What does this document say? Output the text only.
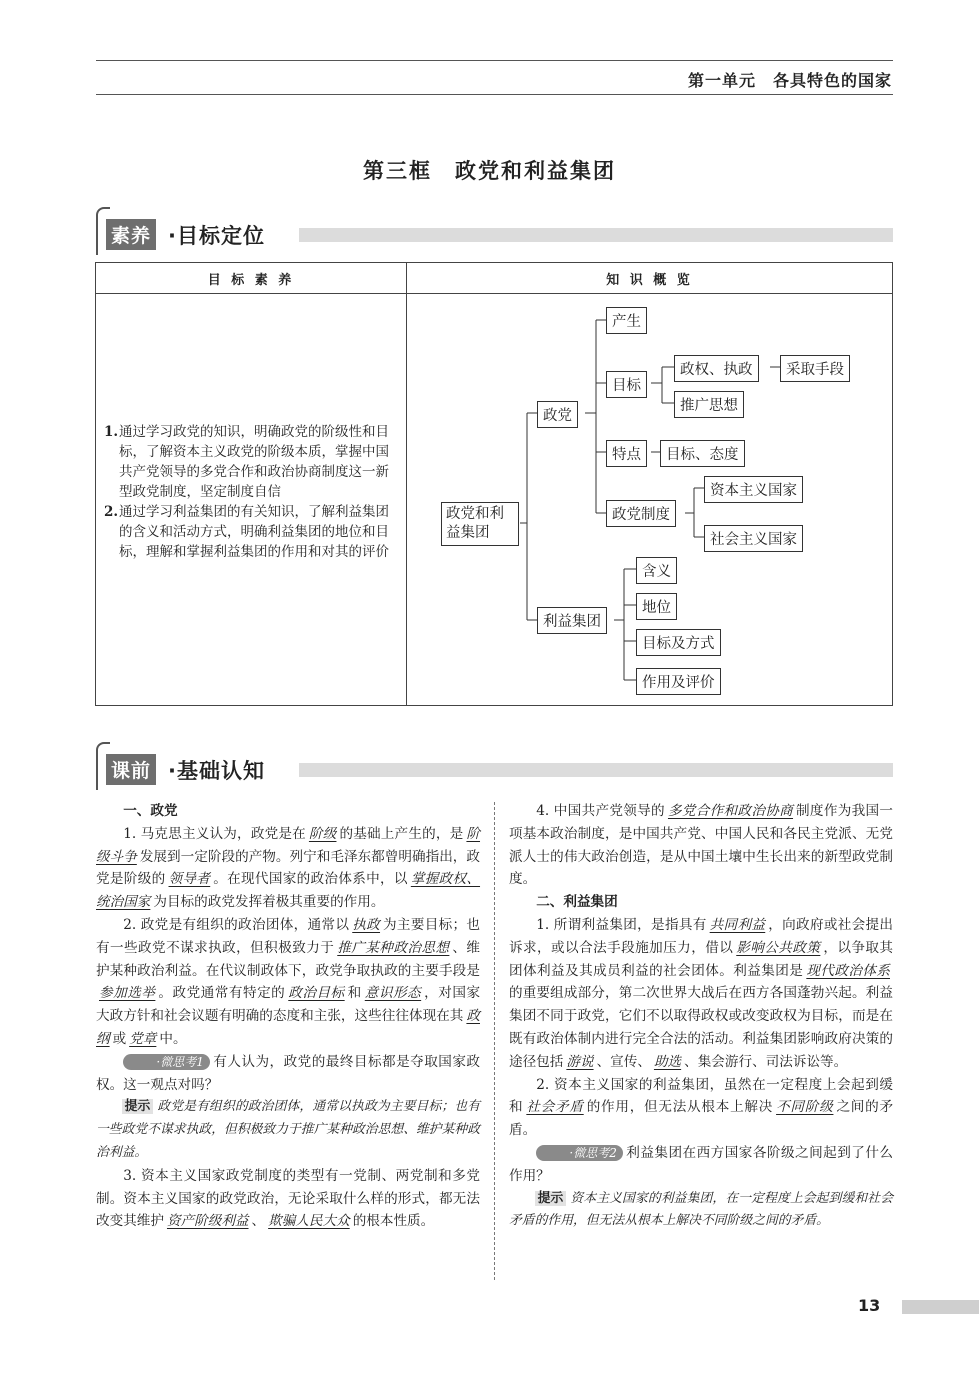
第一单元　各具特色的国家
第三框　政党和利益集团
素养 ·目标定位
目 标 素 养	知 识 概 览

1. 通过学习政党的知识，明确政党的阶级性和目标，了解资本主义政党的阶级本质，掌握中国共产党领导的多党合作和政治协商制度这一新型政党制度，坚定制度自信
2. 通过学习利益集团的有关知识，了解利益集团的含义和活动方式，明确利益集团的地位和目标，理解和掌握利益集团的作用和对其的评价
政党和利益集团
政党
利益集团
产生
目标
政权、执政	采取手段
推广思想
特点	目标、态度
政党制度
资本主义国家
社会主义国家
含义
地位
目标及方式
作用及评价
课前 ·基础认知
一、政党

1. 马克思主义认为，政党是在 阶级 的基础上产生的，是 阶级斗争 发展到一定阶段的产物。列宁和毛泽东都曾明确指出，政党是阶级的 领导者 。在现代国家的政治体系中，以 掌握政权、统治国家 为目标的政党发挥着极其重要的作用。

2. 政党是有组织的政治团体，通常以 执政 为主要目标；也有一些政党不谋求执政，但积极致力于 推广某种政治思想 、维护某种政治利益。在代议制政体下，政党争取执政的主要手段是参加选举 。政党通常有特定的 政治目标 和 意识形态 ，对国家大政方针和社会议题有明确的态度和主张，这些往往体现在其 政纲 或 党章 中。

·微思考1 有人认为，政党的最终目标都是夺取国家政权。这一观点对吗？

提示 政党是有组织的政治团体，通常以执政为主要目标；也有一些政党不谋求执政，但积极致力于推广某种政治思想、维护某种政治利益。

3. 资本主义国家政党制度的类型有一党制、两党制和多党制。资本主义国家的政党政治，无论采取什么样的形式，都无法改变其维护 资产阶级利益 、 欺骗人民大众 的根本性质。

4. 中国共产党领导的 多党合作和政治协商 制度作为我国一项基本政治制度，是中国共产党、中国人民和各民主党派、无党派人士的伟大政治创造，是从中国土壤中生长出来的新型政党制度。

二、利益集团

1. 所谓利益集团，是指具有 共同利益 ，向政府或社会提出诉求，或以合法手段施加压力，借以 影响公共政策 ，以争取其团体利益及其成员利益的社会团体。利益集团是 现代政治体系的重要组成部分，第二次世界大战后在西方各国蓬勃兴起。利益集团不同于政党，它们不以取得政权或改变政权为目标，而是在既有政治体制内进行完全合法的活动。利益集团影响政府决策的途径包括 游说 、宣传、 助选 、集会游行、司法诉讼等。

2. 资本主义国家的利益集团，虽然在一定程度上会起到缓和 社会矛盾 的作用，但无法从根本上解决 不同阶级 之间的矛盾。

·微思考2 利益集团在西方国家各阶级之间起到了什么作用？

提示 资本主义国家的利益集团，在一定程度上会起到缓和社会矛盾的作用，但无法从根本上解决不同阶级之间的矛盾。

13
